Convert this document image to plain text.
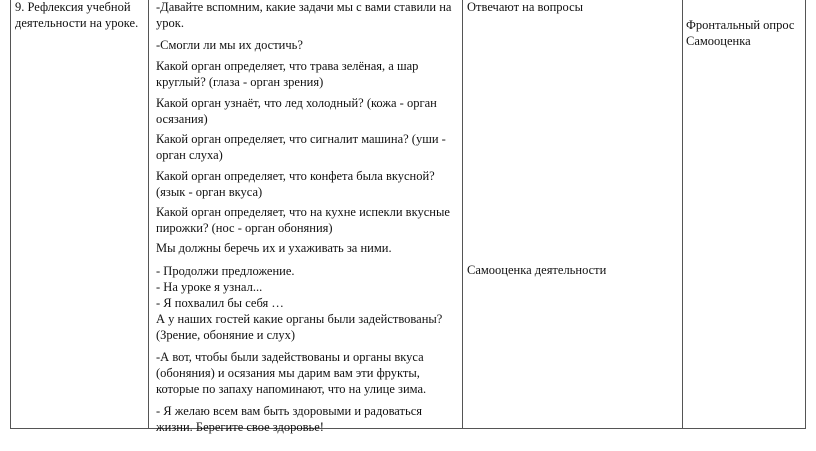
9. Рефлексия учебной деятельности на уроке.

-Давайте вспомним, какие задачи мы с вами ставили на урок.

-Смогли ли мы их достичь?

Какой орган определяет, что трава зелёная, а шар круглый? (глаза - орган зрения)

Какой орган узнаёт, что лед холодный? (кожа - орган осязания)

Какой орган определяет, что сигналит машина? (уши - орган слуха)

Какой орган определяет, что конфета была вкусной? (язык - орган вкуса)

Какой орган определяет, что на кухне испекли вкусные пирожки? (нос - орган обоняния)

Мы должны беречь их и ухаживать за ними.

- Продолжи предложение.

- На уроке я узнал...

- Я похвалил бы себя …

А у наших гостей какие органы были задействованы? (Зрение, обоняние и слух)

-А вот, чтобы были задействованы и органы вкуса (обоняния) и осязания мы дарим вам эти фрукты, которые по запаху напоминают, что на улице зима.

- Я желаю всем вам быть здоровыми и радоваться жизни. Берегите свое здоровье!

Отвечают на вопросы

Самооценка деятельности

Фронтальный опрос

Самооценка
